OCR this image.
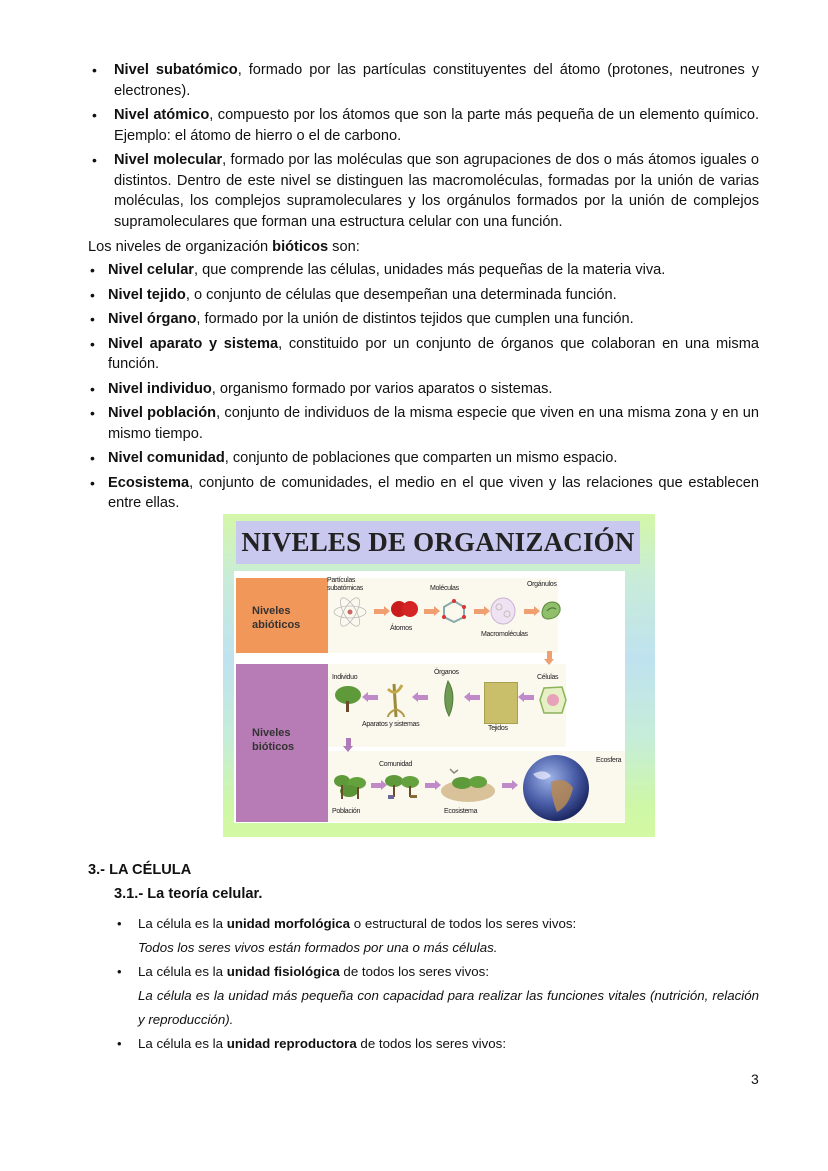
• Nivel subatómico, formado por las partículas constituyentes del átomo (protones, neutrones y electrones).
• Nivel atómico, compuesto por los átomos que son la parte más pequeña de un elemento químico. Ejemplo: el átomo de hierro o el de carbono.
• Nivel molecular, formado por las moléculas que son agrupaciones de dos o más átomos iguales o distintos. Dentro de este nivel se distinguen las macromoléculas, formadas por la unión de varias moléculas, los complejos supramoleculares y los orgánulos formados por la unión de complejos supramoleculares que forman una estructura celular con una función.
Los niveles de organización bióticos son:
• Nivel celular, que comprende las células, unidades más pequeñas de la materia viva.
• Nivel tejido, o conjunto de células que desempeñan una determinada función.
• Nivel órgano, formado por la unión de distintos tejidos que cumplen una función.
• Nivel aparato y sistema, constituido por un conjunto de órganos que colaboran en una misma función.
• Nivel individuo, organismo formado por varios aparatos o sistemas.
• Nivel población, conjunto de individuos de la misma especie que viven en una misma zona y en un mismo tiempo.
• Nivel comunidad, conjunto de poblaciones que comparten un mismo espacio.
• Ecosistema, conjunto de comunidades, el medio en el que viven y las relaciones que establecen entre ellas.
NIVELES DE ORGANIZACIÓN
Niveles
abióticos
Niveles
bióticos
Partículas
subatómicas
Átomos
Moléculas
Macromoléculas
Orgánulos
Células
Tejidos
Órganos
Aparatos y sistemas
Individuo
Población
Comunidad
Ecosistema
Ecosfera
3.- LA CÉLULA
3.1.- La teoría celular.
• La célula es la unidad morfológica o estructural de todos los seres vivos:
Todos los seres vivos están formados por una o más células.
• La célula es la unidad fisiológica de todos los seres vivos:
La célula es la unidad más pequeña con capacidad para realizar las funciones vitales (nutrición, relación y reproducción).
• La célula es la unidad reproductora de todos los seres vivos:
3
